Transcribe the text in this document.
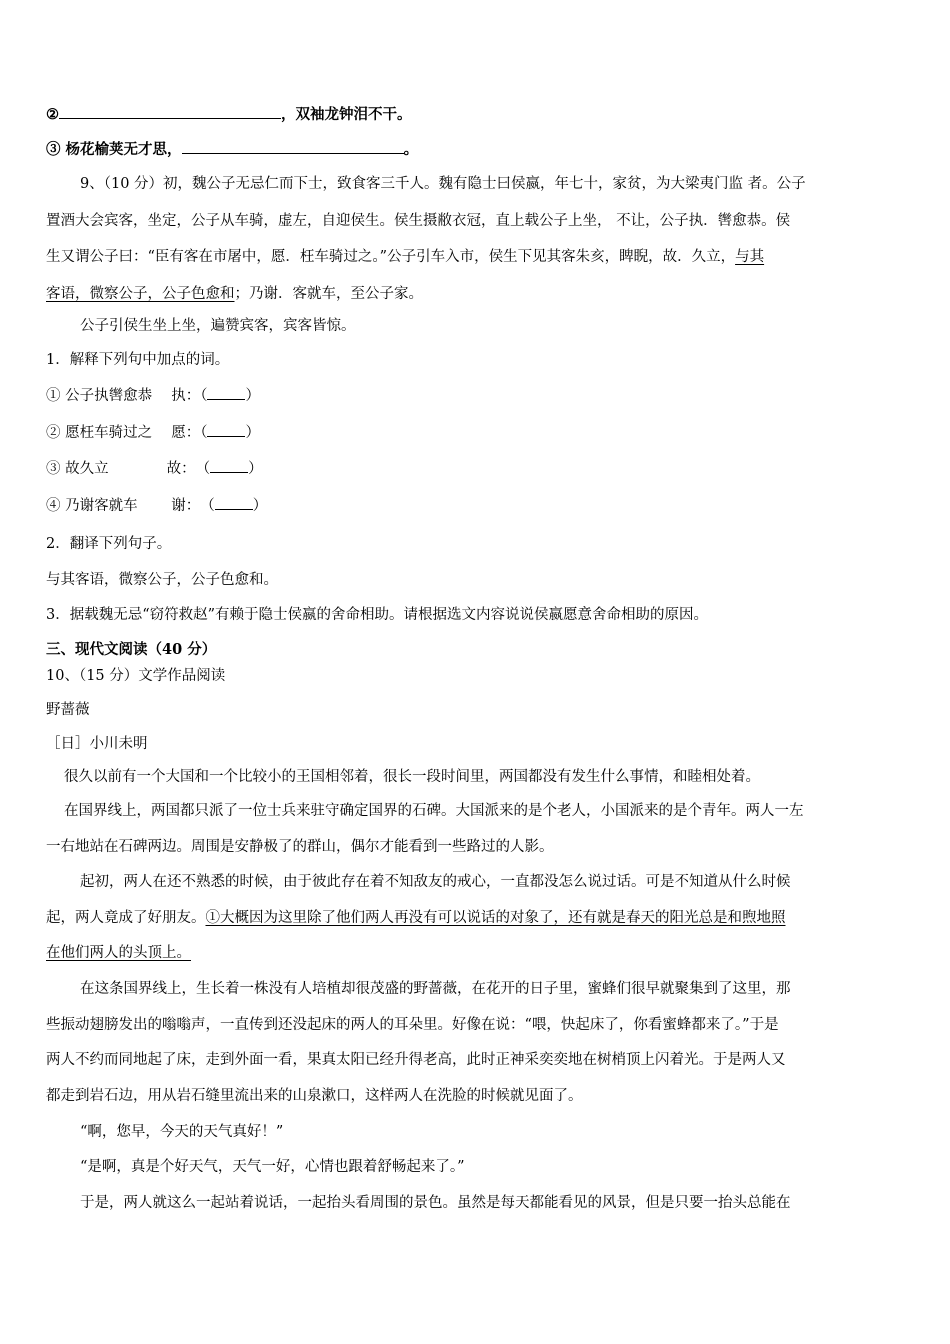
②	，双袖龙钟泪不干。
③ 杨花榆荚无才思，	。
9、（10 分）初，魏公子无忌仁而下士，致食客三千人。魏有隐士曰侯嬴，年七十，家贫，为大梁夷门监 者。公子
置酒大会宾客，坐定，公子从车骑，虚左，自迎侯生。侯生摄敝衣冠，直上载公子上坐， 不让，公子执．辔愈恭。侯
生又谓公子曰：“臣有客在市屠中，愿．枉车骑过之。”公子引车入市，侯生下见其客朱亥，睥睨，故．久立，与其
客语，微察公子，公子色愈和；乃谢．客就车，至公子家。
公子引侯生坐上坐，遍赞宾客，宾客皆惊。
1．解释下列句中加点的词。
① 公子执辔愈恭　 执：（	）
② 愿枉车骑过之　 愿：（	）
③ 故久立　　　　故：　（	）
④ 乃谢客就车　　 谢：　（	）
2．翻译下列句子。
与其客语，微察公子，公子色愈和。
3．据载魏无忌“窃符救赵”有赖于隐士侯嬴的舍命相助。请根据选文内容说说侯嬴愿意舍命相助的原因。
三、现代文阅读（40 分）
10、（15 分）文学作品阅读
野蔷薇
［日］小川未明
很久以前有一个大国和一个比较小的王国相邻着，很长一段时间里，两国都没有发生什么事情，和睦相处着。
在国界线上，两国都只派了一位士兵来驻守确定国界的石碑。大国派来的是个老人，小国派来的是个青年。两人一左
一右地站在石碑两边。周围是安静极了的群山，偶尔才能看到一些路过的人影。
起初，两人在还不熟悉的时候，由于彼此存在着不知敌友的戒心，一直都没怎么说过话。可是不知道从什么时候
起，两人竟成了好朋友。①大概因为这里除了他们两人再没有可以说话的对象了，还有就是春天的阳光总是和煦地照
在他们两人的头顶上。
在这条国界线上，生长着一株没有人培植却很茂盛的野蔷薇，在花开的日子里，蜜蜂们很早就聚集到了这里，那
些振动翅膀发出的嗡嗡声，一直传到还没起床的两人的耳朵里。好像在说：“喂，快起床了，你看蜜蜂都来了。”于是
两人不约而同地起了床，走到外面一看，果真太阳已经升得老高，此时正神采奕奕地在树梢顶上闪着光。于是两人又
都走到岩石边，用从岩石缝里流出来的山泉漱口，这样两人在洗脸的时候就见面了。
“啊，您早，今天的天气真好！”
“是啊，真是个好天气，天气一好，心情也跟着舒畅起来了。”
于是，两人就这么一起站着说话，一起抬头看周围的景色。虽然是每天都能看见的风景，但是只要一抬头总能在
